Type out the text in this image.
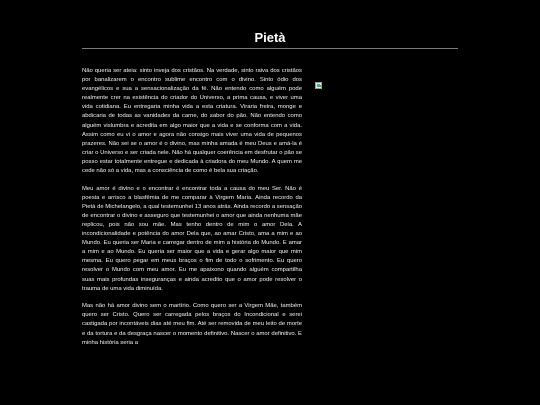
Pietà

Não queria ser ateia: sinto inveja dos cristãos. Na verdade, sinto raiva dos cristãos por banalizarem o encontro sublime encontro com o divino. Sinto ódio dos evangélicos e sua a sensacionalização da fé. Não entendo como alguém pode realmente crer na existência do criador do Universo, a prima causa, e viver uma vida cotidiana. Eu entregaria minha vida a esta criatura. Viraria freira, monge e abdicaria de todas as vanidades da carne, do sabor do pão. Não entendo como alguém vislumbra e acredita em algo maior que a vida e se conforma com a vida. Assim como eu vi o amor e agora não consigo mais viver uma vida de pequenos prazeres. Não sei se o amor é o divino, mas minha amada é meu Deus e amá-la é criar o Universo e ser criada nele. Não há qualquer coerência em desfrutar o pão se posso estar totalmente entregue e dedicada à criadora do meu Mundo. A quem me cede não só a vida, mas a consciência de como é bela sua criação.

Meu amor é divino e o encontrar é encontrar toda a causa do meu Ser. Não é poesia e arrisco a blasfêmia de me comparar à Virgem Maria. Ainda recordo da Pietà de Michelangelo, a qual testemunhei 13 anos atrás. Ainda recordo a sensação de encontrar o divino e asseguro que testemunhei o amor que ainda nenhuma mãe replicou, pois não sou mãe. Mas tenho dentro de mim o amor Dela. A incondicionalidade e potência do amor Dela que, ao amar Cristo, ama a mim e ao Mundo. Eu queria ser Maria e carregar dentro de mim a história do Mundo. E amar a mim e ao Mundo. Eu queria ser maior que a vida e gerar algo maior que mim mesma. Eu quero pegar em meus braços o fim de todo o sofrimento. Eu quero resolver o Mundo com meu amor. Eu me apaixono quando alguém compartilha suas mais profundas inseguranças e ainda acredito que o amor pode resolver o trauma de uma vida diminuída.

Mas não há amor divino sem o martírio. Como quero ser a Virgem Mãe, também quero ser Cristo. Quero ser carregada pelos braços do Incondicional e serei castigada por incontáveis dias até meu fim. Até ser removida de meu leito de morte e da tortura e da desgraça nascer o momento definitivo. Nascer o amor definitivo. E minha história seria a
